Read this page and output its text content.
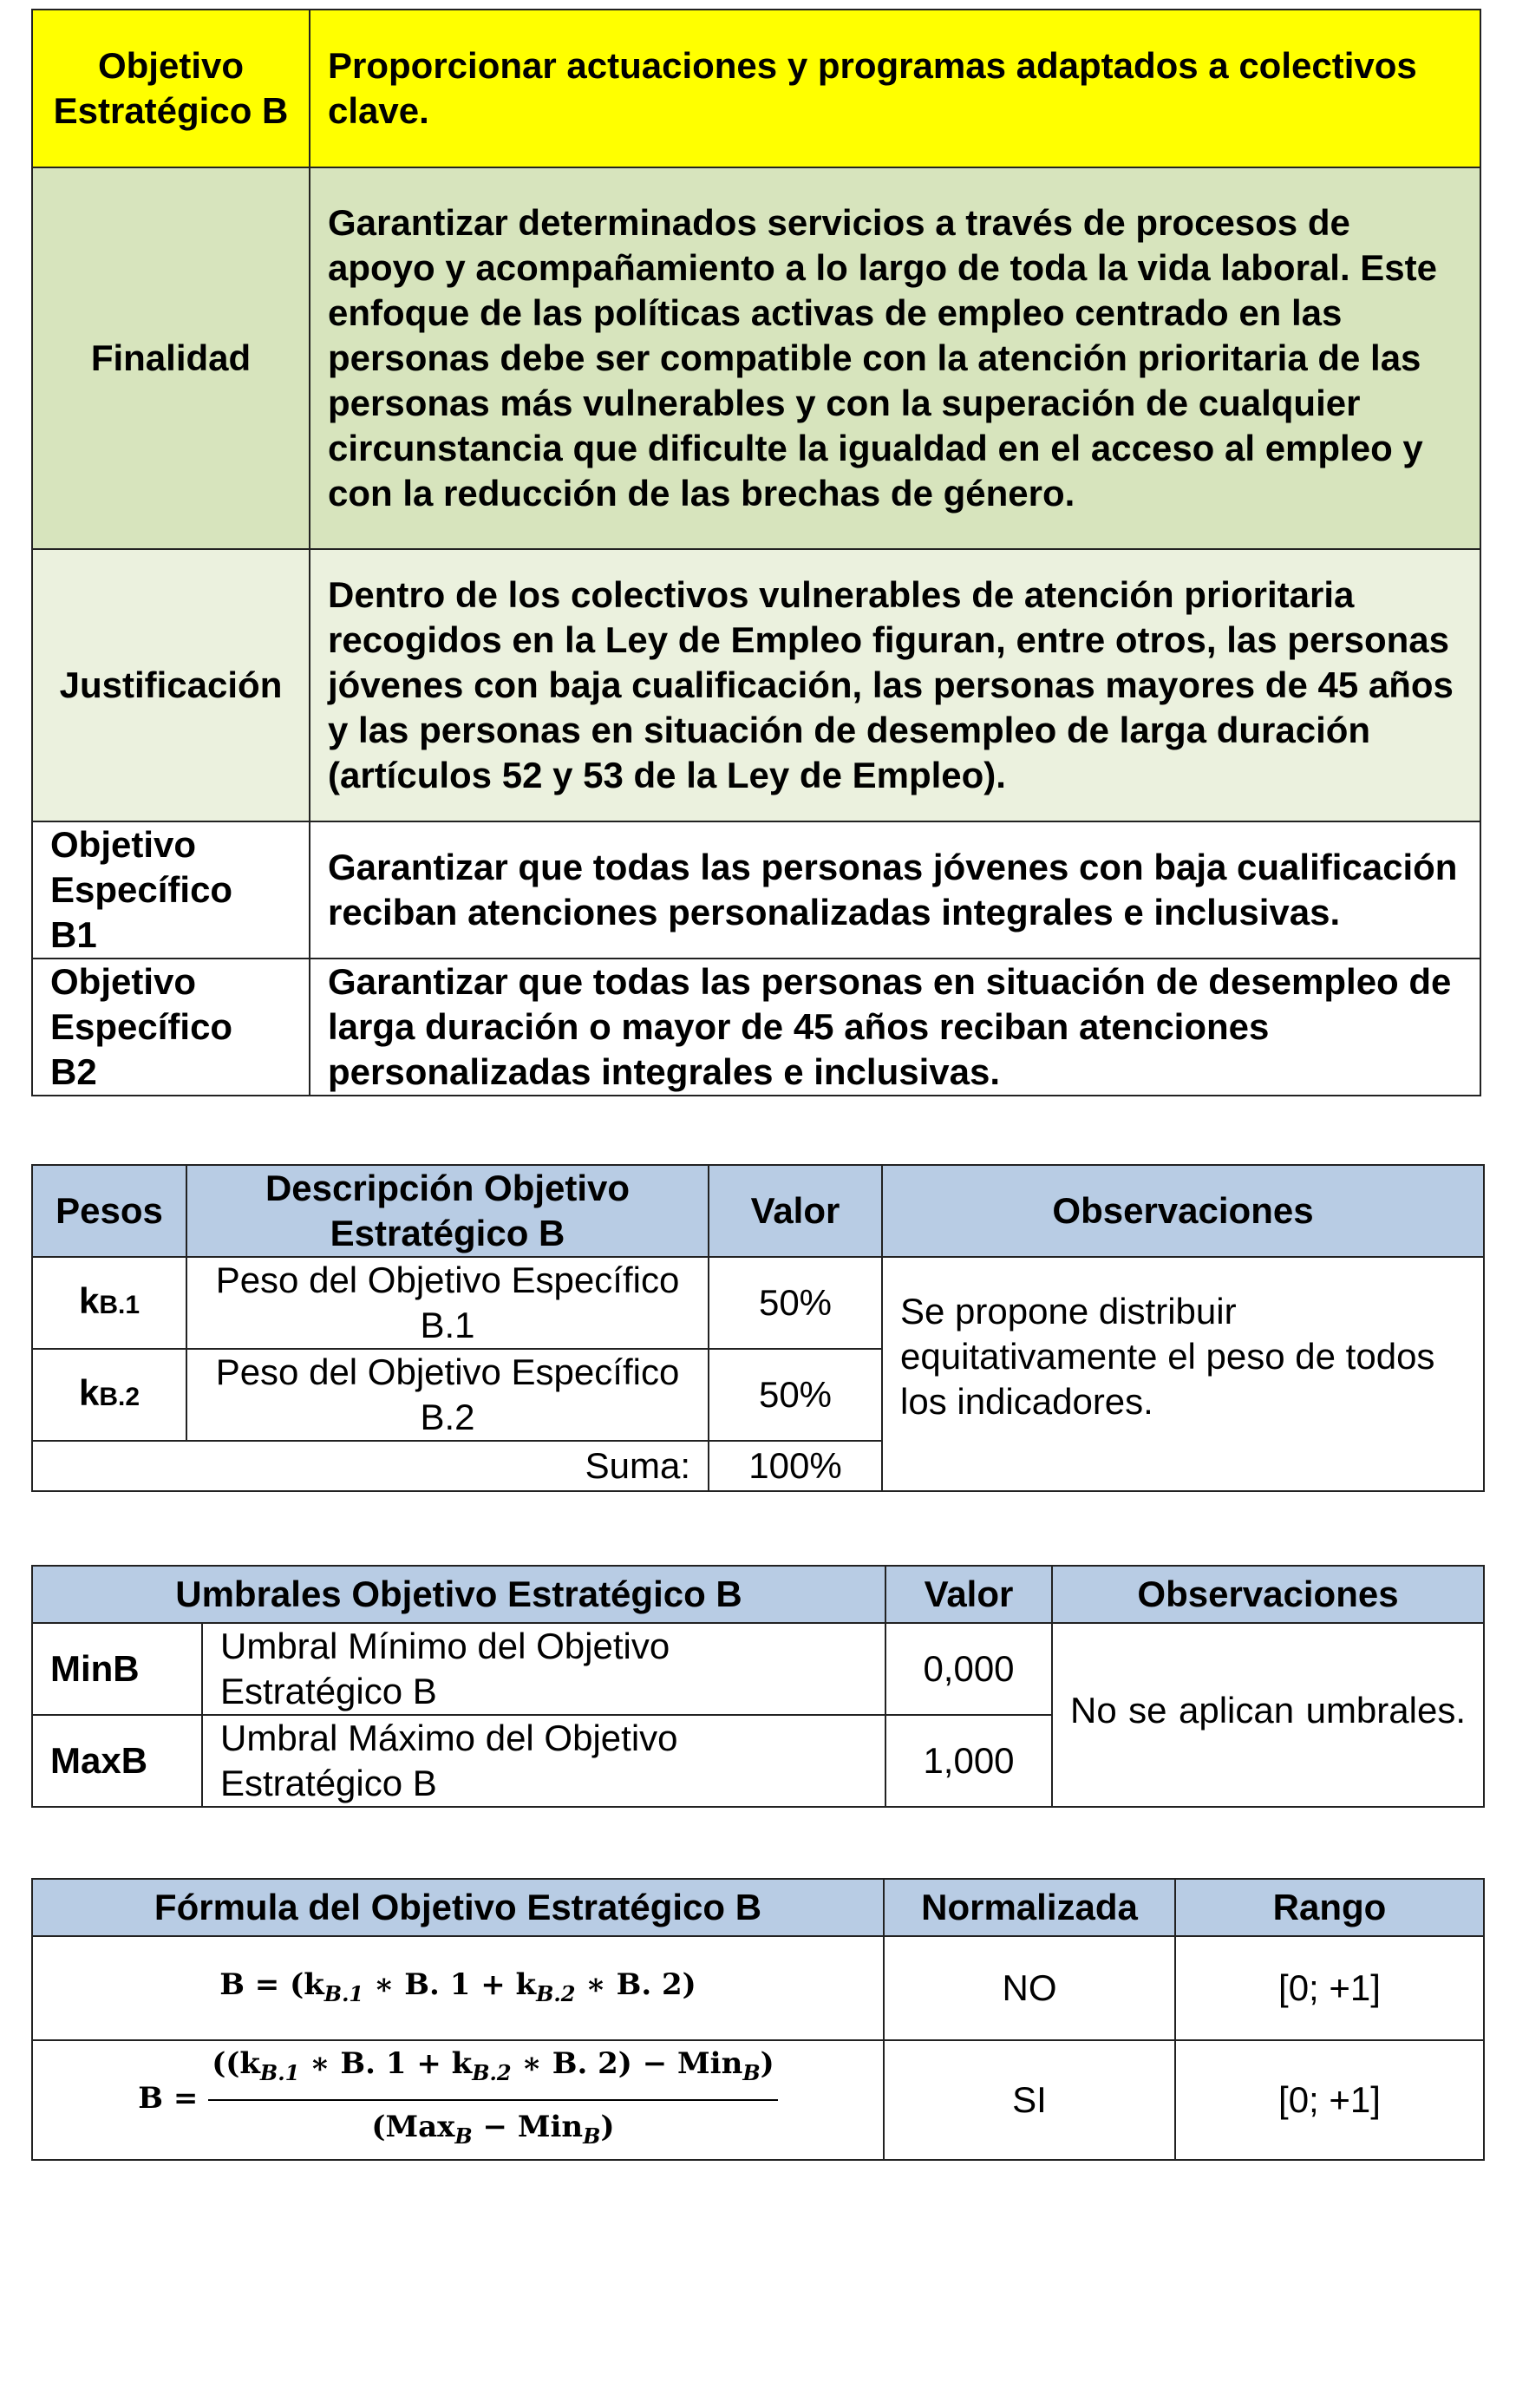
Objetivo Estratégico B	Proporcionar actuaciones y programas adaptados a colectivos clave.
Finalidad	Garantizar determinados servicios a través de procesos de apoyo y acompañamiento a lo largo de toda la vida laboral. Este enfoque de las políticas activas de empleo centrado en las personas debe ser compatible con la atención prioritaria de las personas más vulnerables y con la superación de cualquier circunstancia que dificulte la igualdad en el acceso al empleo y con la reducción de las brechas de género.
Justificación	Dentro de los colectivos vulnerables de atención prioritaria recogidos en la Ley de Empleo figuran, entre otros, las personas jóvenes con baja cualificación, las personas mayores de 45 años y las personas en situación de desempleo de larga duración (artículos 52 y 53 de la Ley de Empleo).
Objetivo Específico B1	Garantizar que todas las personas jóvenes con baja cualificación reciban atenciones personalizadas integrales e inclusivas.
Objetivo Específico B2	Garantizar que todas las personas en situación de desempleo de larga duración o mayor de 45 años reciban atenciones personalizadas integrales e inclusivas.
Pesos	Descripción Objetivo Estratégico B	Valor	Observaciones
kB.1	Peso del Objetivo Específico B.1	50%	Se propone distribuir equitativamente el peso de todos los indicadores.
kB.2	Peso del Objetivo Específico B.2	50%	
Suma:		100%	
Umbrales Objetivo Estratégico B		Valor	Observaciones
MinB	Umbral Mínimo del Objetivo Estratégico B	0,000	No se aplican umbrales.
MaxB	Umbral Máximo del Objetivo Estratégico B	1,000	
Fórmula del Objetivo Estratégico B	Normalizada	Rango
$B = (k_{B.1}$ ∗ B. $1 + k_{B.2}$ ∗ B. 2)	NO	[0; +1]
$B = \frac{((k_{B.1} ∗ B. 1 + k_{B.2} ∗ B. 2) - Min_B)}{(Max_B - Min_B)}$	SI	[0; +1]
